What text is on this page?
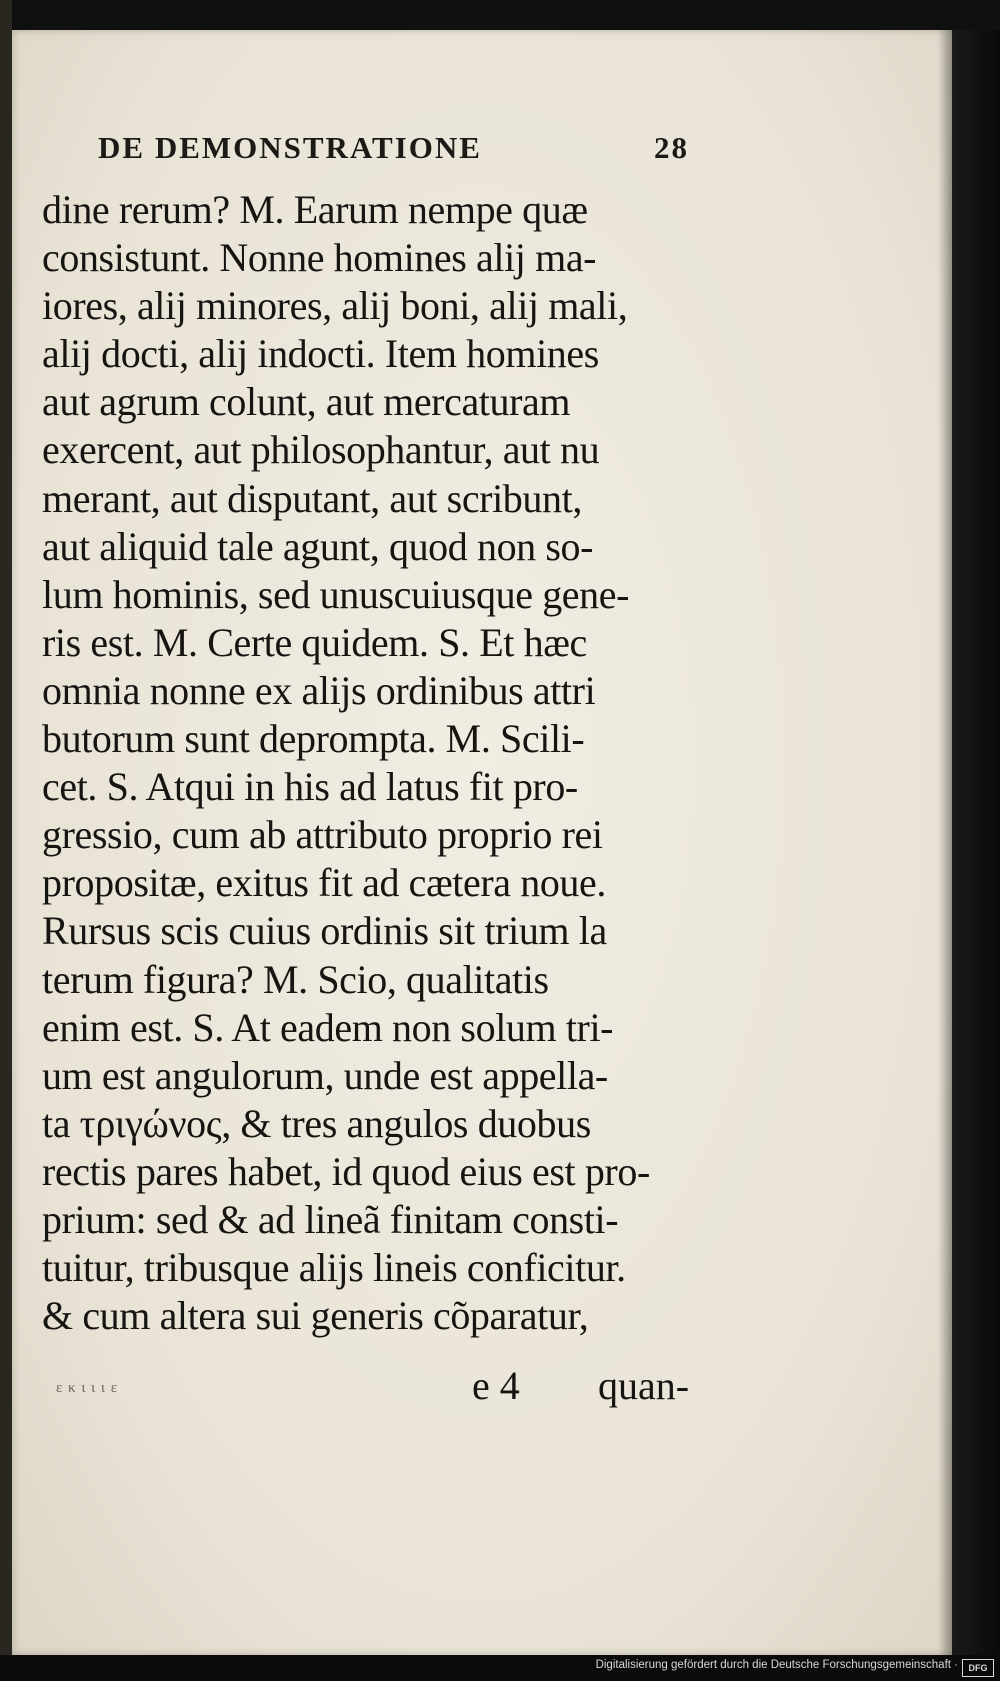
DE DEMONSTRATIONE	28
dine rerum? M. Earum nempe quæ
consistunt. Nonne homines alij ma-
iores, alij minores, alij boni, alij mali,
alij docti, alij indocti. Item homines
aut agrum colunt, aut mercaturam
exercent, aut philosophantur, aut nu
merant, aut disputant, aut scribunt,
aut aliquid tale agunt, quod non so-
lum hominis, sed unuscuiusque gene-
ris est. M. Certe quidem. S. Et hæc
omnia nonne ex alijs ordinibus attri
butorum sunt deprompta. M. Scili-
cet. S. Atqui in his ad latus fit pro-
gressio, cum ab attributo proprio rei
propositæ, exitus fit ad cætera noue.
Rursus scis cuius ordinis sit trium la
terum figura? M. Scio, qualitatis
enim est. S. At eadem non solum tri-
um est angulorum, unde est appella-
ta τριγώνος, & tres angulos duobus
rectis pares habet, id quod eius est pro-
prium: sed & ad lineã finitam consti-
tuitur, tribusque alijs lineis conficitur.
& cum altera sui generis cõparatur,
ε κ ι ι ι ε	e 4 quan-
Digitalisierung gefördert durch die Deutsche Forschungsgemeinschaft ·	DFG
